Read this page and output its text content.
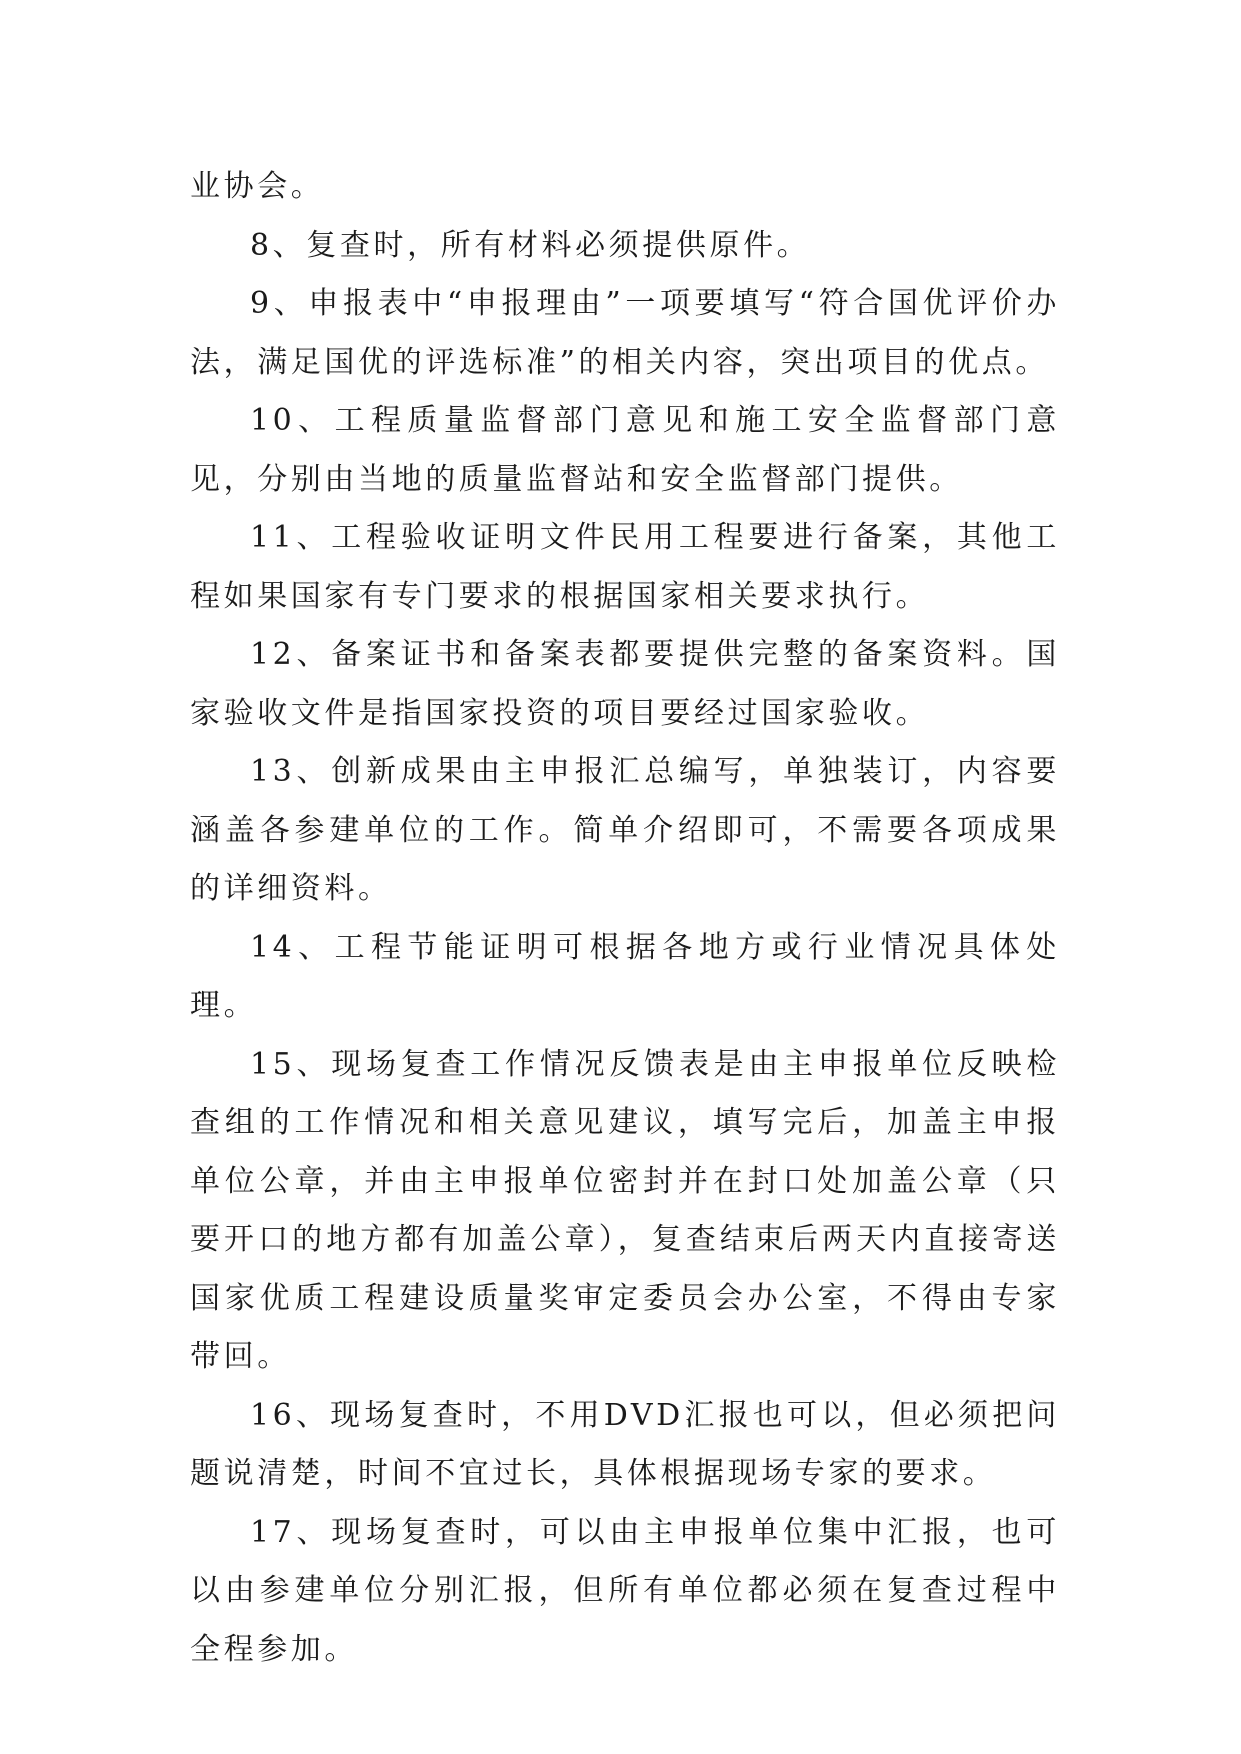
业协会。

8、复查时，所有材料必须提供原件。

9、申报表中“申报理由”一项要填写“符合国优评价办法，满足国优的评选标准”的相关内容，突出项目的优点。

10、工程质量监督部门意见和施工安全监督部门意见，分别由当地的质量监督站和安全监督部门提供。

11、工程验收证明文件民用工程要进行备案，其他工程如果国家有专门要求的根据国家相关要求执行。

12、备案证书和备案表都要提供完整的备案资料。国家验收文件是指国家投资的项目要经过国家验收。

13、创新成果由主申报汇总编写，单独装订，内容要涵盖各参建单位的工作。简单介绍即可，不需要各项成果的详细资料。

14、工程节能证明可根据各地方或行业情况具体处理。

15、现场复查工作情况反馈表是由主申报单位反映检查组的工作情况和相关意见建议，填写完后，加盖主申报单位公章，并由主申报单位密封并在封口处加盖公章（只要开口的地方都有加盖公章），复查结束后两天内直接寄送国家优质工程建设质量奖审定委员会办公室，不得由专家带回。

16、现场复查时，不用DVD汇报也可以，但必须把问题说清楚，时间不宜过长，具体根据现场专家的要求。

17、现场复查时，可以由主申报单位集中汇报，也可以由参建单位分别汇报，但所有单位都必须在复查过程中全程参加。
